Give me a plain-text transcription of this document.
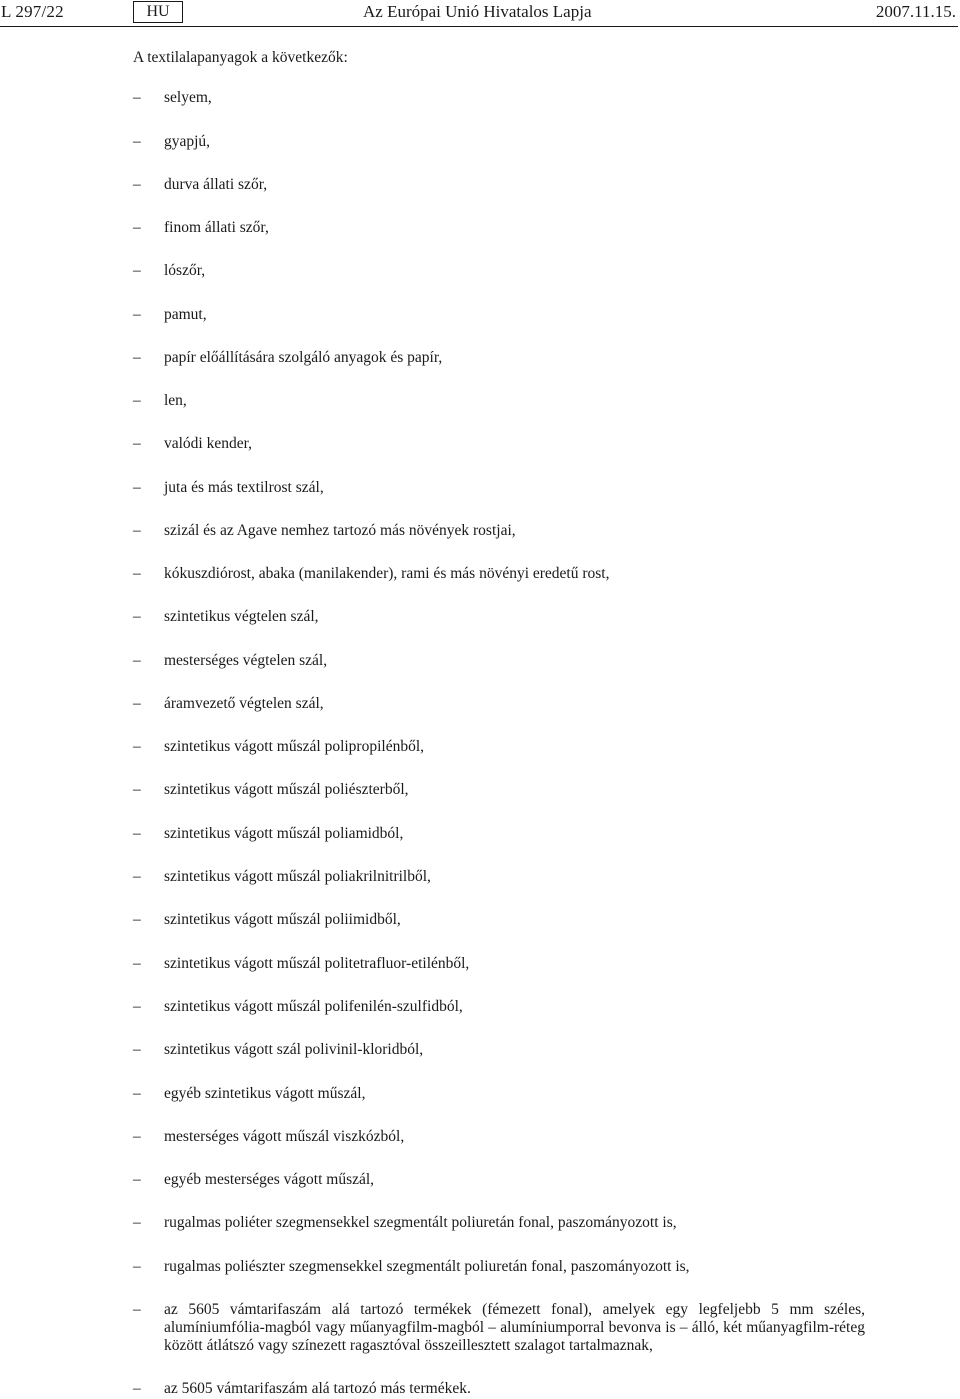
L 297/22	HU	Az Európai Unió Hivatalos Lapja	2007.11.15.
A textilalapanyagok a következők:
– selyem,
– gyapjú,
– durva állati szőr,
– finom állati szőr,
– lószőr,
– pamut,
– papír előállítására szolgáló anyagok és papír,
– len,
– valódi kender,
– juta és más textilrost szál,
– szizál és az Agave nemhez tartozó más növények rostjai,
– kókuszdiórost, abaka (manilakender), rami és más növényi eredetű rost,
– szintetikus végtelen szál,
– mesterséges végtelen szál,
– áramvezető végtelen szál,
– szintetikus vágott műszál polipropilénből,
– szintetikus vágott műszál poliészterből,
– szintetikus vágott műszál poliamidból,
– szintetikus vágott műszál poliakrilnitrilből,
– szintetikus vágott műszál poliimidből,
– szintetikus vágott műszál politetrafluor-etilénből,
– szintetikus vágott műszál polifenilén-szulfidból,
– szintetikus vágott szál polivinil-kloridból,
– egyéb szintetikus vágott műszál,
– mesterséges vágott műszál viszkózból,
– egyéb mesterséges vágott műszál,
– rugalmas poliéter szegmensekkel szegmentált poliuretán fonal, paszományozott is,
– rugalmas poliészter szegmensekkel szegmentált poliuretán fonal, paszományozott is,
– az 5605 vámtarifaszám alá tartozó termékek (fémezett fonal), amelyek egy legfeljebb 5 mm széles, alumíniumfólia-magból vagy műanyagfilm-magból – alumíniumporral bevonva is – álló, két műanyagfilm-réteg között átlátszó vagy színezett ragasztóval összeillesztett szalagot tartalmaznak,
– az 5605 vámtarifaszám alá tartozó más termékek.
